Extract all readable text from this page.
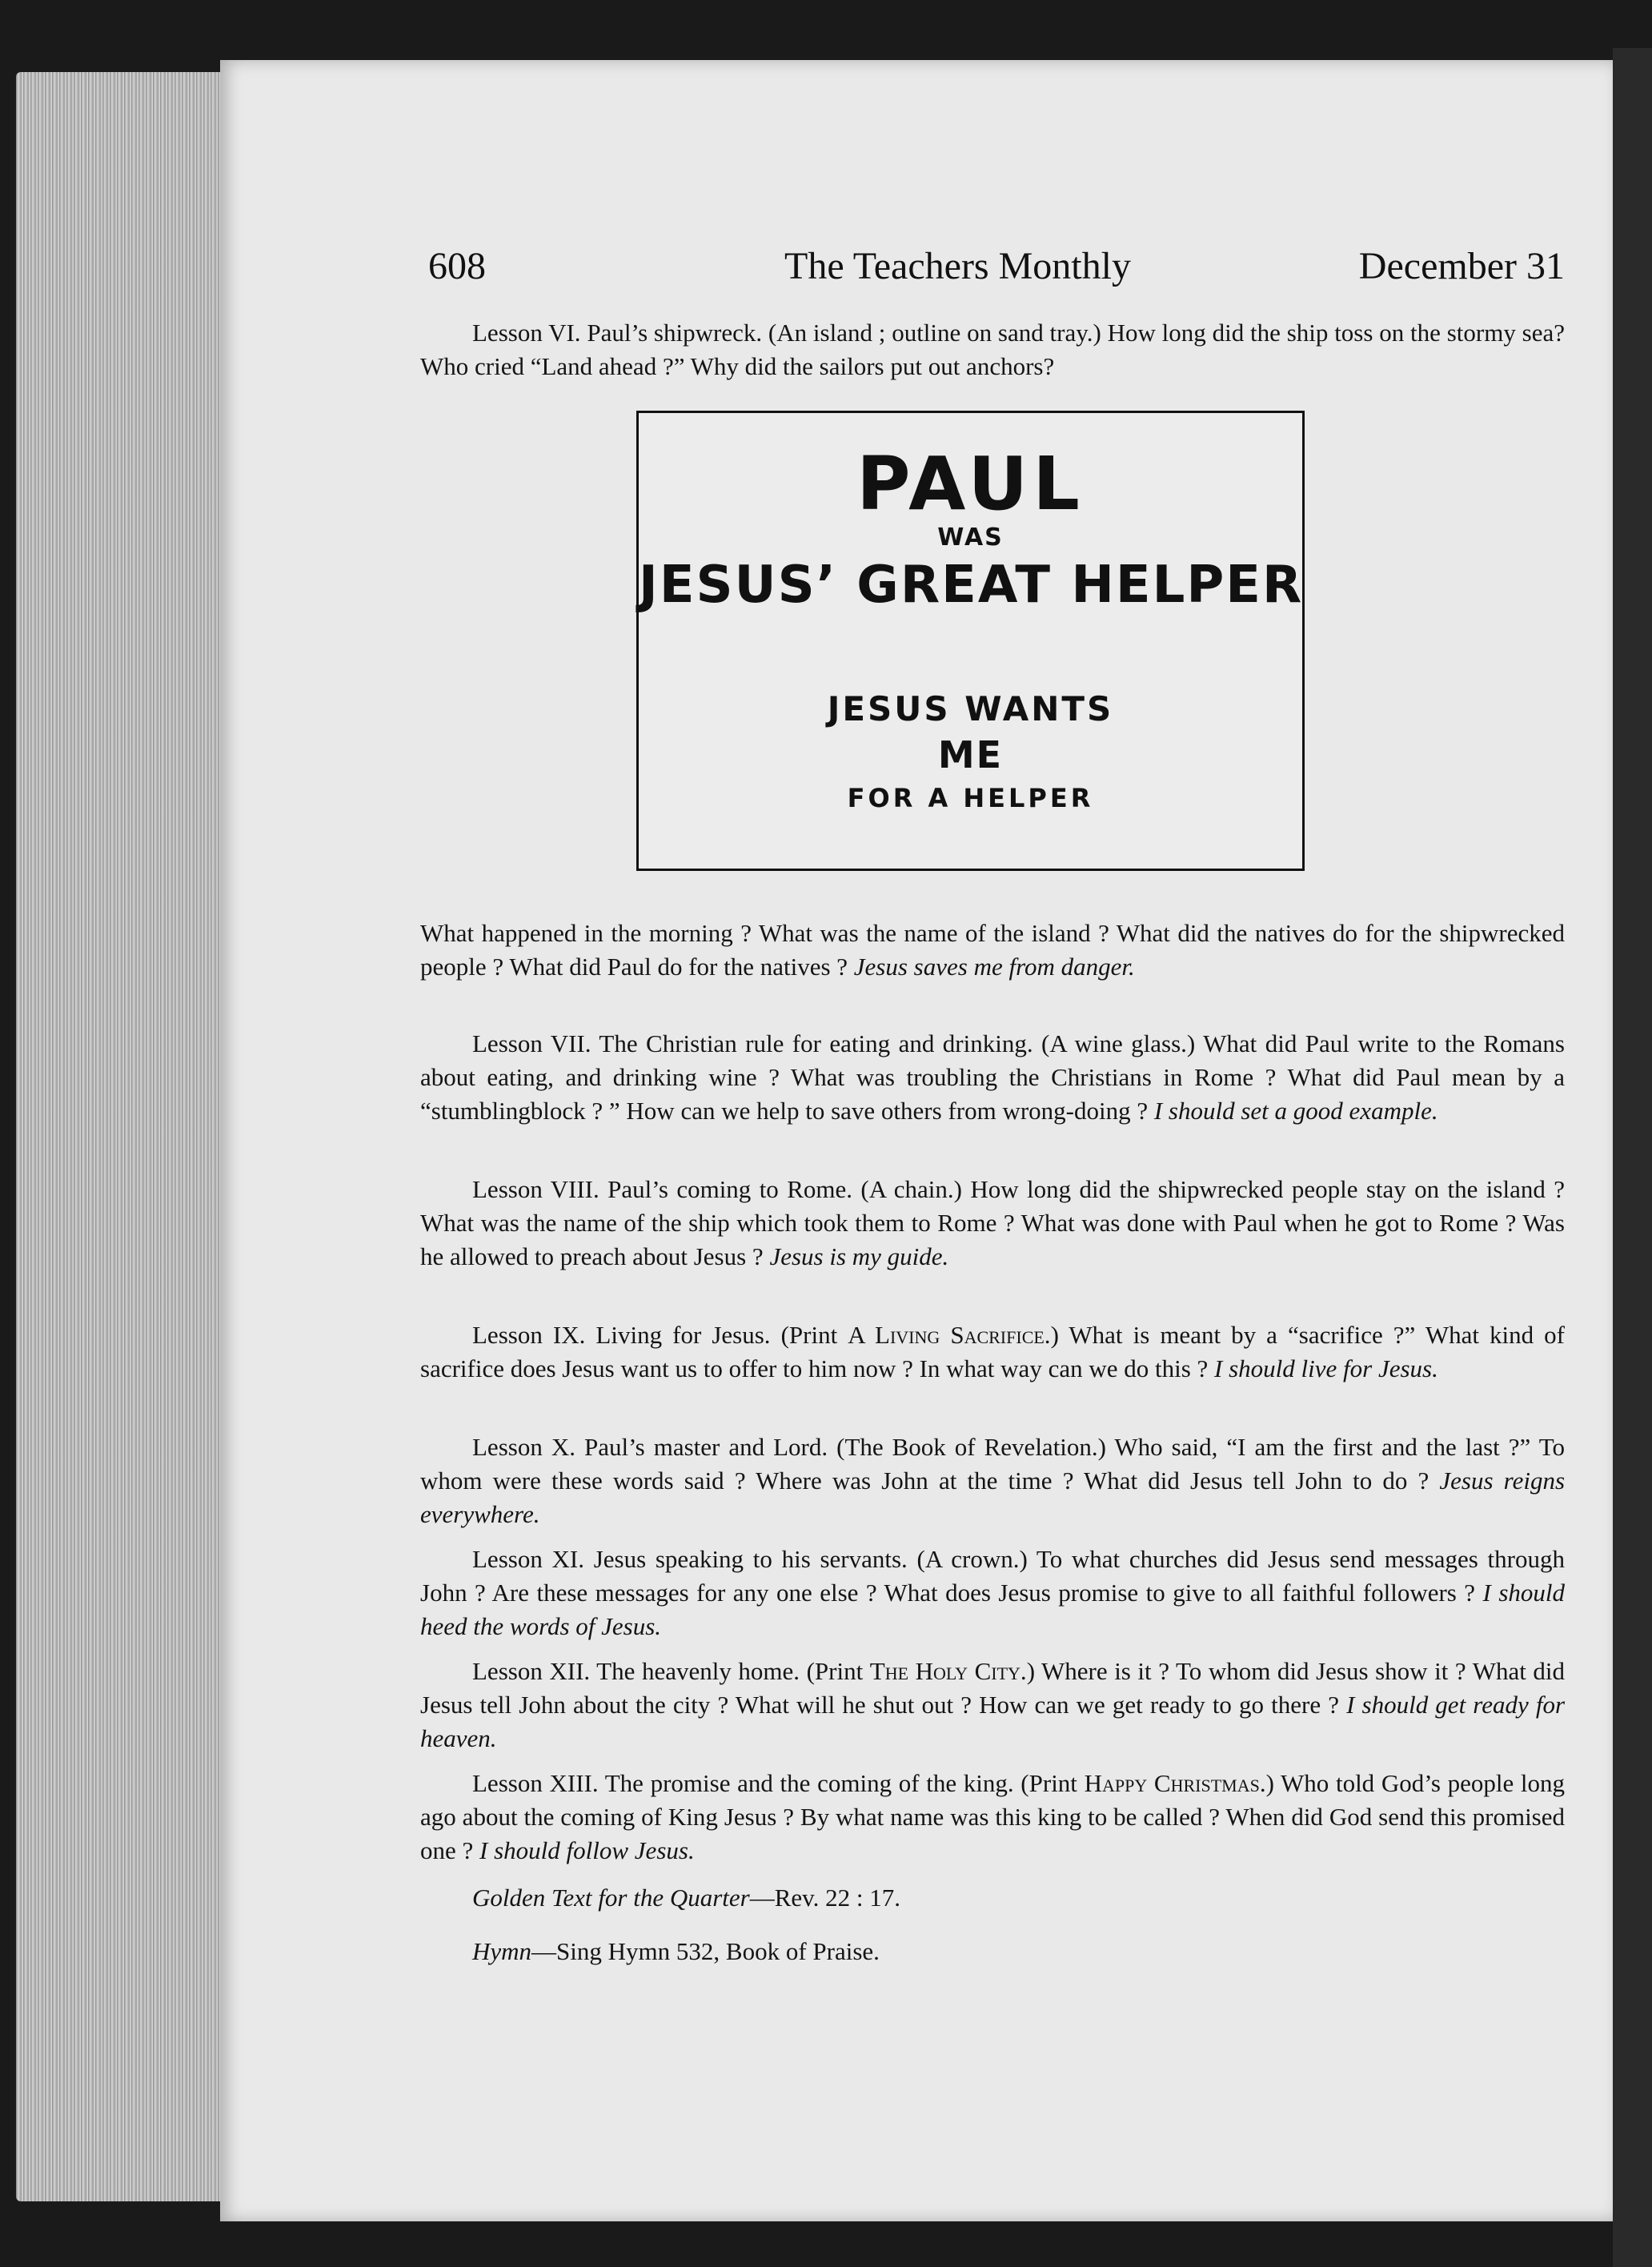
608	The Teachers Monthly	December 31

Lesson VI. Paul’s shipwreck. (An island ; outline on sand tray.) How long did the ship toss on the stormy sea? Who cried “Land ahead ?” Why did the sailors put out anchors?

PAUL
WAS
JESUS’ GREAT HELPER
JESUS WANTS
ME
FOR A HELPER

What happened in the morning ? What was the name of the island ? What did the natives do for the shipwrecked people ? What did Paul do for the natives ? Jesus saves me from danger.

Lesson VII. The Christian rule for eating and drinking. (A wine glass.) What did Paul write to the Romans about eating, and drinking wine ? What was troubling the Christians in Rome ? What did Paul mean by a “stumblingblock ? ” How can we help to save others from wrong-doing ? I should set a good example.

Lesson VIII. Paul’s coming to Rome. (A chain.) How long did the shipwrecked people stay on the island ? What was the name of the ship which took them to Rome ? What was done with Paul when he got to Rome ? Was he allowed to preach about Jesus ? Jesus is my guide.

Lesson IX. Living for Jesus. (Print A Living Sacrifice.) What is meant by a “sacrifice ?” What kind of sacrifice does Jesus want us to offer to him now ? In what way can we do this ? I should live for Jesus.

Lesson X. Paul’s master and Lord. (The Book of Revelation.) Who said, “I am the first and the last ?” To whom were these words said ? Where was John at the time ? What did Jesus tell John to do ? Jesus reigns everywhere.

Lesson XI. Jesus speaking to his servants. (A crown.) To what churches did Jesus send messages through John ? Are these messages for any one else ? What does Jesus promise to give to all faithful followers ? I should heed the words of Jesus.

Lesson XII. The heavenly home. (Print The Holy City.) Where is it ? To whom did Jesus show it ? What did Jesus tell John about the city ? What will he shut out ? How can we get ready to go there ? I should get ready for heaven.

Lesson XIII. The promise and the coming of the king. (Print Happy Christmas.) Who told God’s people long ago about the coming of King Jesus ? By what name was this king to be called ? When did God send this promised one ? I should follow Jesus.

Golden Text for the Quarter—Rev. 22 : 17.

Hymn—Sing Hymn 532, Book of Praise.
